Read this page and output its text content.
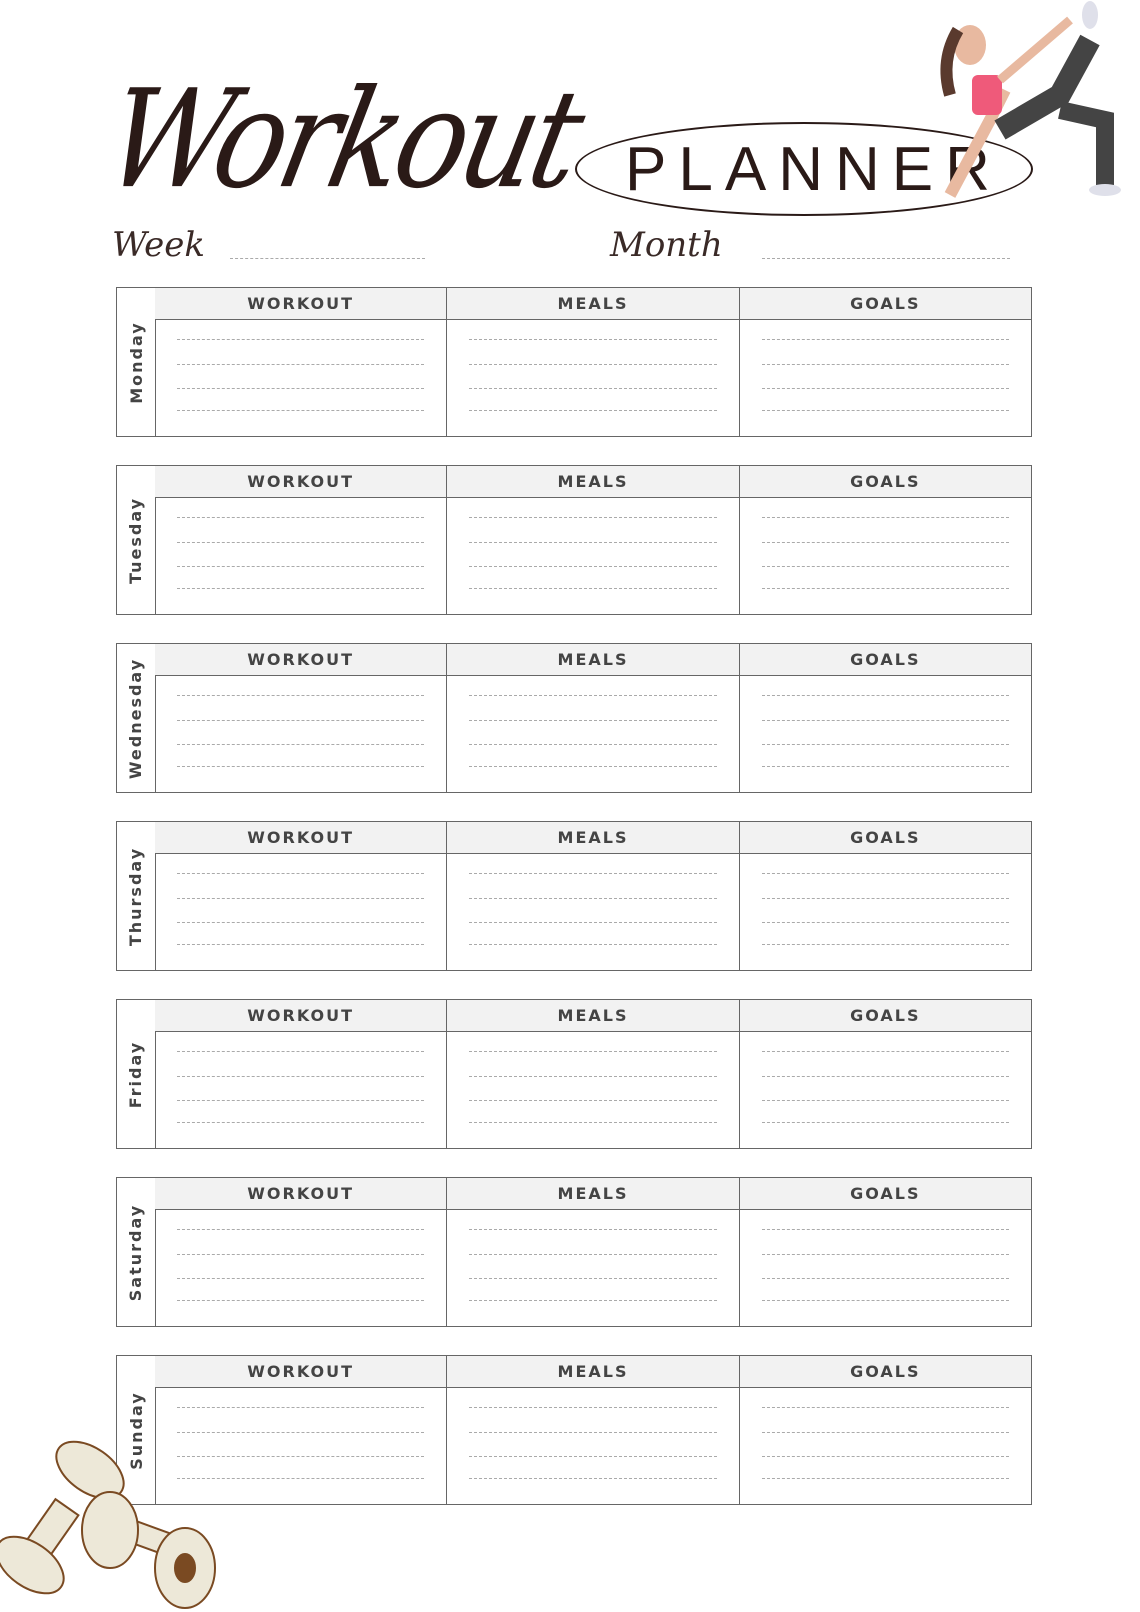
Workout PLANNER
Week	Month
Monday
WORKOUT	MEALS	GOALS
Tuesday
WORKOUT	MEALS	GOALS
Wednesday	WORKOUT	MEALS	GOALS
Thursday
WORKOUT	MEALS	GOALS
Friday
WORKOUT	MEALS	GOALS
Saturday
WORKOUT	MEALS	GOALS
Sunday
WORKOUT	MEALS	GOALS
